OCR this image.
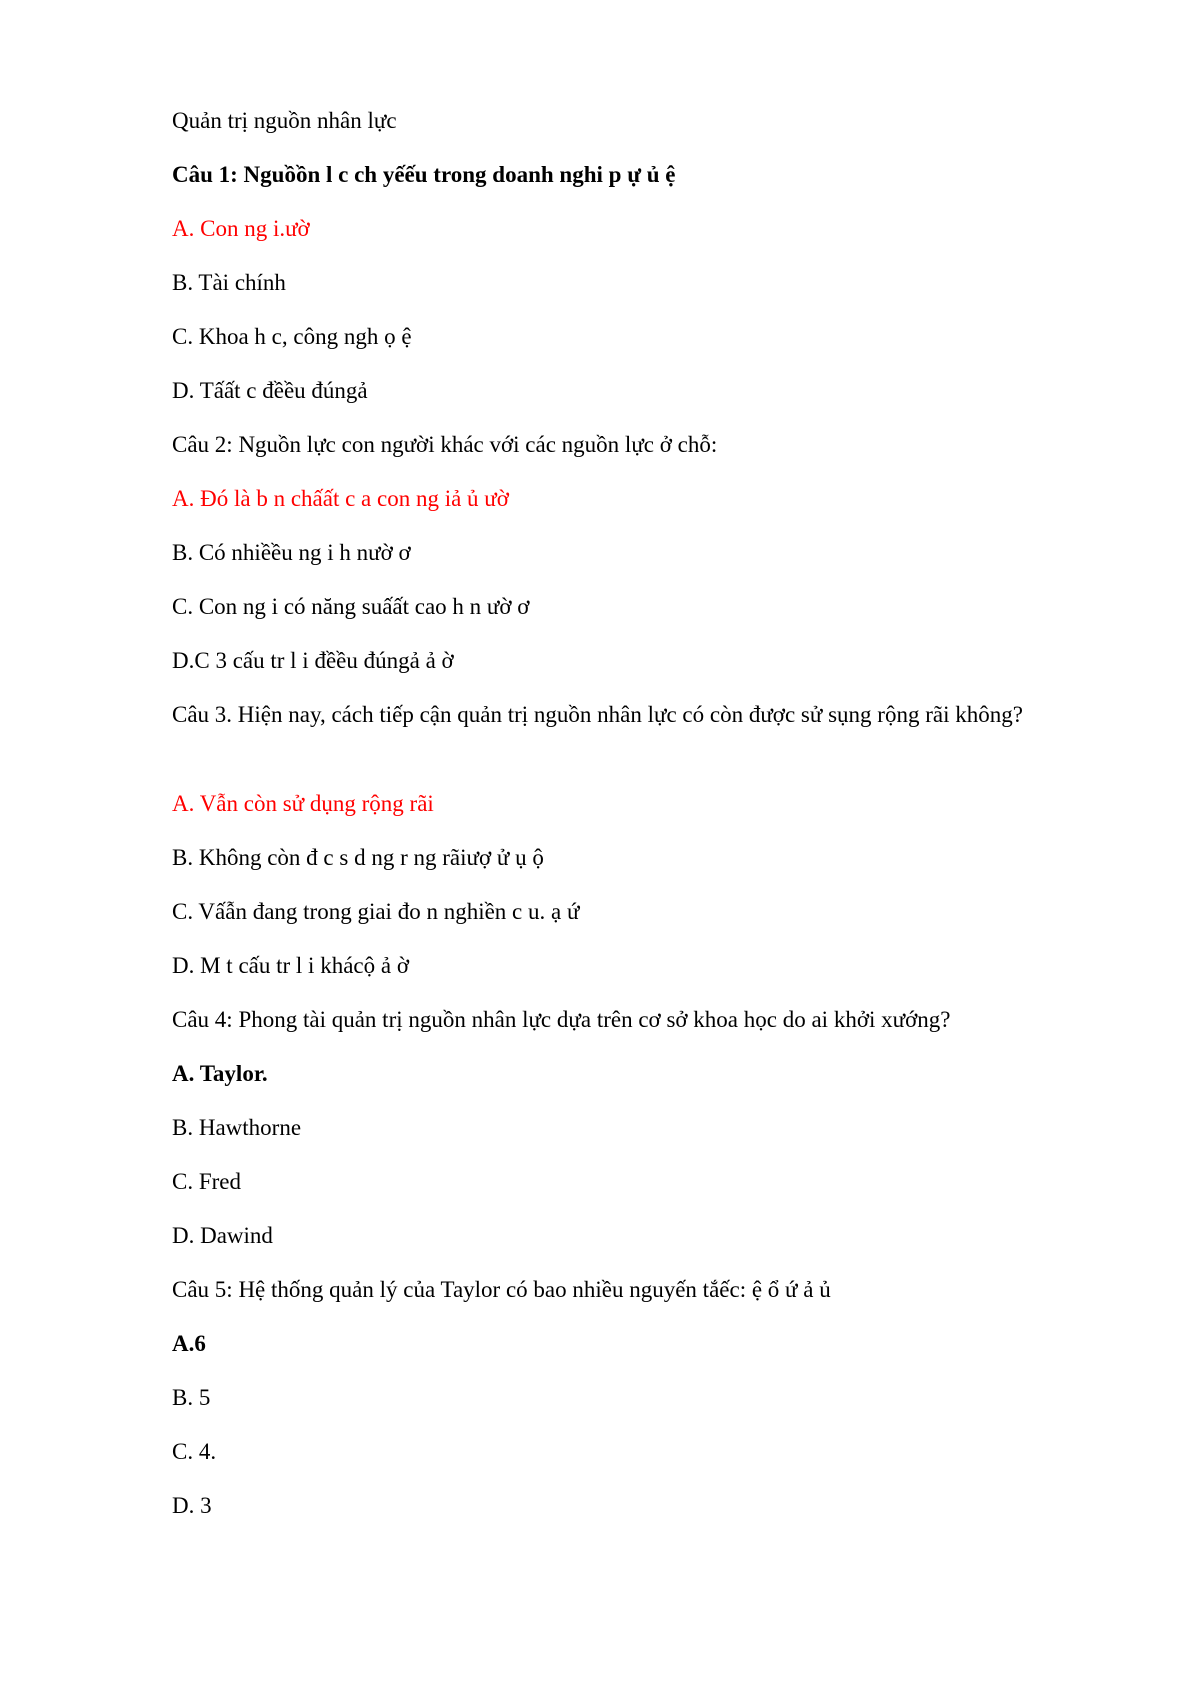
Quản trị nguồn nhân lực

Câu 1: Nguồồn l c ch yếếu trong doanh nghi p ự ủ ệ

A. Con ng i.ườ

B. Tài chính

C. Khoa h c, công ngh ọ ệ

D. Tấất c đềều đúngả

Câu 2: Nguồn lực con người khác với các nguồn lực ở chỗ:

A. Đó là b n chấất c a con ng iả ủ ườ

B. Có nhiềều ng i h nườ ơ

C. Con ng i có năng suấất cao h n ườ ơ

D.C 3 cấu tr l i đềều đúngả ả ờ

Câu 3. Hiện nay, cách tiếp cận quản trị nguồn nhân lực có còn được sử sụng rộng rãi không?

A. Vẫn còn sử dụng rộng rãi

B. Không còn đ c s d ng r ng rãiượ ử ụ ộ

C. Vấẫn đang trong giai đo n nghiền c u. ạ ứ

D. M t cấu tr l i khácộ ả ờ

Câu 4: Phong tài quản trị nguồn nhân lực dựa trên cơ sở khoa học do ai khởi xướng?

A. Taylor.

B. Hawthorne

C. Fred

D. Dawind

Câu 5: Hệ thống quản lý của Taylor có bao nhiều nguyến tắếc: ệ ổ ứ ả ủ

A.6

B. 5

C. 4.

D. 3
